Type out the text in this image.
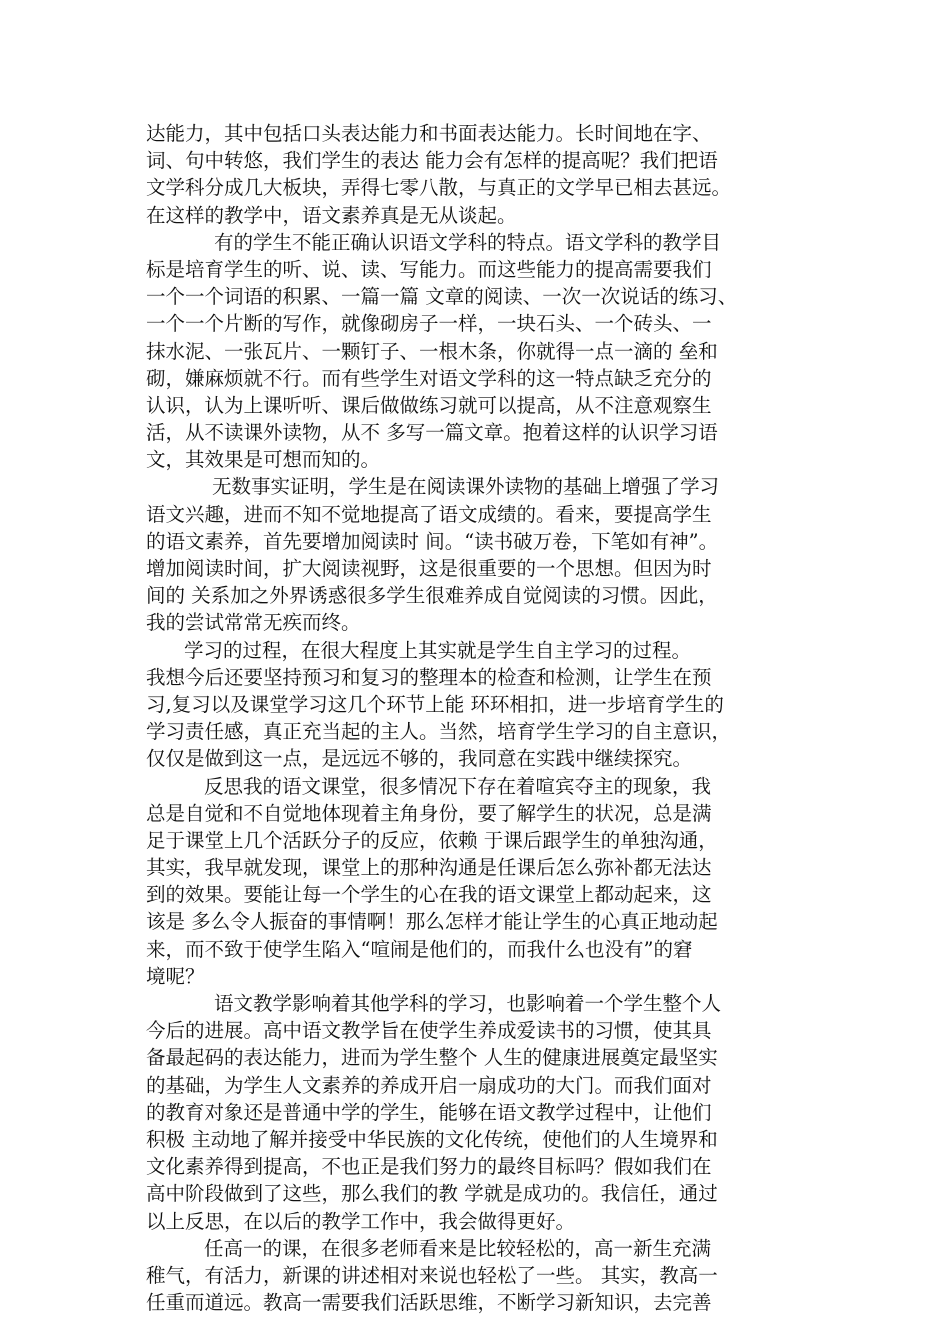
达能力，其中包括口头表达能力和书面表达能力。长时间地在字、
词、句中转悠，我们学生的表达 能力会有怎样的提高呢？我们把语
文学科分成几大板块，弄得七零八散，与真正的文学早已相去甚远。
在这样的教学中，语文素养真是无从谈起。
有的学生不能正确认识语文学科的特点。语文学科的教学目
标是培育学生的听、说、读、写能力。而这些能力的提高需要我们
一个一个词语的积累、一篇一篇 文章的阅读、一次一次说话的练习、
一个一个片断的写作，就像砌房子一样，一块石头、一个砖头、一
抹水泥、一张瓦片、一颗钉子、一根木条，你就得一点一滴的 垒和
砌，嫌麻烦就不行。而有些学生对语文学科的这一特点缺乏充分的
认识，认为上课听听、课后做做练习就可以提高，从不注意观察生
活，从不读课外读物，从不 多写一篇文章。抱着这样的认识学习语
文，其效果是可想而知的。
无数事实证明，学生是在阅读课外读物的基础上增强了学习
语文兴趣，进而不知不觉地提高了语文成绩的。看来，要提高学生
的语文素养，首先要增加阅读时 间。“读书破万卷，下笔如有神”。
增加阅读时间，扩大阅读视野，这是很重要的一个思想。但因为时
间的 关系加之外界诱惑很多学生很难养成自觉阅读的习惯。因此，
我的尝试常常无疾而终。
学习的过程，在很大程度上其实就是学生自主学习的过程。
我想今后还要坚持预习和复习的整理本的检查和检测，让学生在预
习,复习以及课堂学习这几个环节上能 环环相扣，进一步培育学生的
学习责任感，真正充当起的主人。当然，培育学生学习的自主意识，
仅仅是做到这一点，是远远不够的，我同意在实践中继续探究。
反思我的语文课堂，很多情况下存在着喧宾夺主的现象，我
总是自觉和不自觉地体现着主角身份，要了解学生的状况，总是满
足于课堂上几个活跃分子的反应，依赖 于课后跟学生的单独沟通，
其实，我早就发现，课堂上的那种沟通是任课后怎么弥补都无法达
到的效果。要能让每一个学生的心在我的语文课堂上都动起来，这
该是 多么令人振奋的事情啊！那么怎样才能让学生的心真正地动起
来，而不致于使学生陷入“喧闹是他们的，而我什么也没有”的窘
境呢？
语文教学影响着其他学科的学习，也影响着一个学生整个人
今后的进展。高中语文教学旨在使学生养成爱读书的习惯，使其具
备最起码的表达能力，进而为学生整个 人生的健康进展奠定最坚实
的基础，为学生人文素养的养成开启一扇成功的大门。而我们面对
的教育对象还是普通中学的学生，能够在语文教学过程中，让他们
积极 主动地了解并接受中华民族的文化传统，使他们的人生境界和
文化素养得到提高，不也正是我们努力的最终目标吗？假如我们在
高中阶段做到了这些，那么我们的教 学就是成功的。我信任，通过
以上反思，在以后的教学工作中，我会做得更好。
任高一的课，在很多老师看来是比较轻松的，高一新生充满
稚气，有活力，新课的讲述相对来说也轻松了一些。 其实，教高一
任重而道远。教高一需要我们活跃思维，不断学习新知识，去完善
